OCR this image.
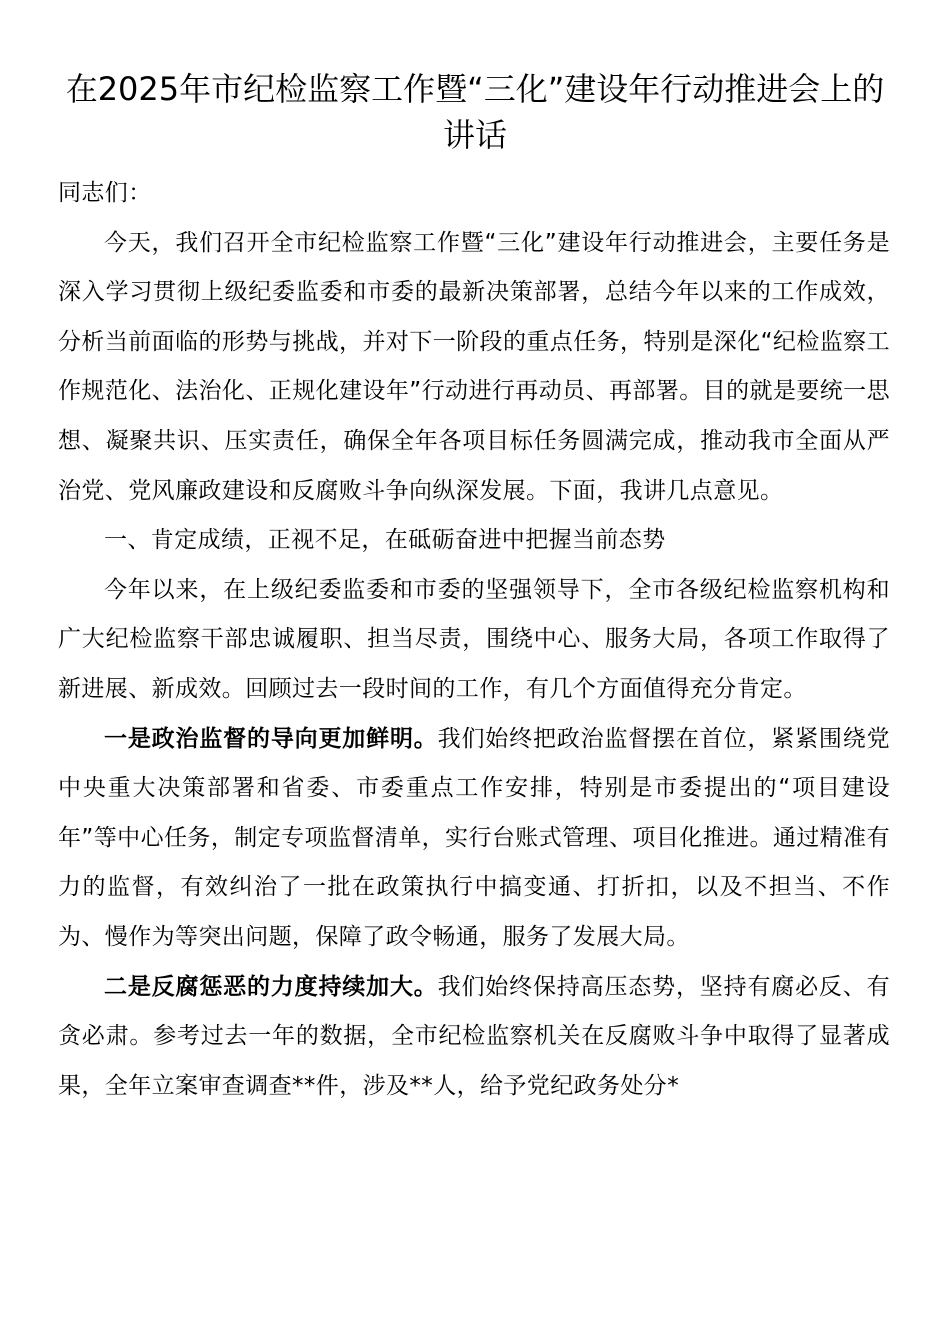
在2025年市纪检监察工作暨“三化”建设年行动推进会上的讲话

同志们：

今天，我们召开全市纪检监察工作暨“三化”建设年行动推进会，主要任务是深入学习贯彻上级纪委监委和市委的最新决策部署，总结今年以来的工作成效，分析当前面临的形势与挑战，并对下一阶段的重点任务，特别是深化“纪检监察工作规范化、法治化、正规化建设年”行动进行再动员、再部署。目的就是要统一思想、凝聚共识、压实责任，确保全年各项目标任务圆满完成，推动我市全面从严治党、党风廉政建设和反腐败斗争向纵深发展。下面，我讲几点意见。

一、肯定成绩，正视不足，在砥砺奋进中把握当前态势

今年以来，在上级纪委监委和市委的坚强领导下，全市各级纪检监察机构和广大纪检监察干部忠诚履职、担当尽责，围绕中心、服务大局，各项工作取得了新进展、新成效。回顾过去一段时间的工作，有几个方面值得充分肯定。

一是政治监督的导向更加鲜明。我们始终把政治监督摆在首位，紧紧围绕党中央重大决策部署和省委、市委重点工作安排，特别是市委提出的“项目建设年”等中心任务，制定专项监督清单，实行台账式管理、项目化推进。通过精准有力的监督，有效纠治了一批在政策执行中搞变通、打折扣，以及不担当、不作为、慢作为等突出问题，保障了政令畅通，服务了发展大局。

二是反腐惩恶的力度持续加大。我们始终保持高压态势，坚持有腐必反、有贪必肃。参考过去一年的数据，全市纪检监察机关在反腐败斗争中取得了显著成果，全年立案审查调查**件，涉及**人，给予党纪政务处分*
